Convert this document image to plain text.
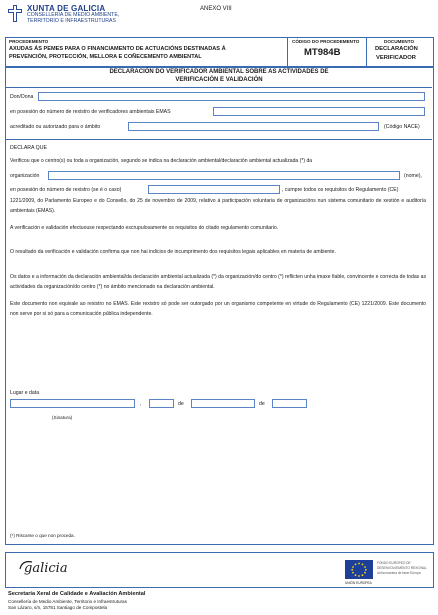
XUNTA DE GALICIA
CONSELLERÍA DE MEDIO AMBIENTE,
TERRITORIO E INFRAESTRUTURAS
ANEXO VIII
PROCEDEMENTO
AXUDAS ÁS PEMES PARA O FINANCIAMENTO DE ACTUACIÓNS DESTINADAS Á
PREVENCIÓN, PROTECCIÓN, MELLORA E COÑECEMENTO AMBIENTAL
CÓDIGO DO PROCEDEMENTO
MT984B
DOCUMENTO
DECLARACIÓN
VERIFICADOR
DECLARACIÓN DO VERIFICADOR AMBIENTAL SOBRE AS ACTIVIDADES DE
VERIFICACIÓN E VALIDACIÓN
Don/Dona
en posesión do número de rexistro de verificadores ambientais EMAS
acreditado ou autorizado para o ámbito	(Código NACE)
DECLARA QUE
Verificou que o centro(s) ou toda a organización, segundo se indica na declaración ambiental/declaración ambiental actualizada (*) da
organización	(nome),
en posesión do número de rexistro (se é o caso)	, cumpre todos os requisitos do Regulamento (CE)
1221/2009, do Parlamento Europeo e do Consello, do 25 de novembro de 2009, relativo á participación voluntaria de organizacións nun sistema comunitario de xestión e auditoría ambientais (EMAS).
A verificación e validación efectuouse respectando escrupulosamente os requisitos do citado regulamento comunitario.
O resultado da verificación e validación confirma que non hai indicios de incumprimento dos requisitos legais aplicables en materia de ambiente.
Os datos e a información da declaración ambiental/da declaración ambiental actualizada (*) da organización/do centro (*) reflicten unha imaxe fiable, convincente e correcta de todas as actividades da organización/do centro (*) no ámbito mencionado na declaración ambiental.
Este documento non equivale ao rexistro no EMAS. Este rexistro só pode ser outorgado por un organismo competente en virtude do Regulamento (CE) 1221/2009. Este documento non serve por si só para a comunicación pública independente.
Lugar e data
,	de	de
(Sinatura)
(*) Riscarse o que non proceda.
galicia
UNIÓN EUROPEA
FONDO EUROPEO DE
DESENVOLVEMENTO REXIONAL
Unha maneira de facer Europa
Secretaría Xeral de Calidade e Avaliación Ambiental
Consellería de Medio Ambiente, Territorio e Infraestruturas
San Lázaro, s/n, 15781 Santiago de Compostela
